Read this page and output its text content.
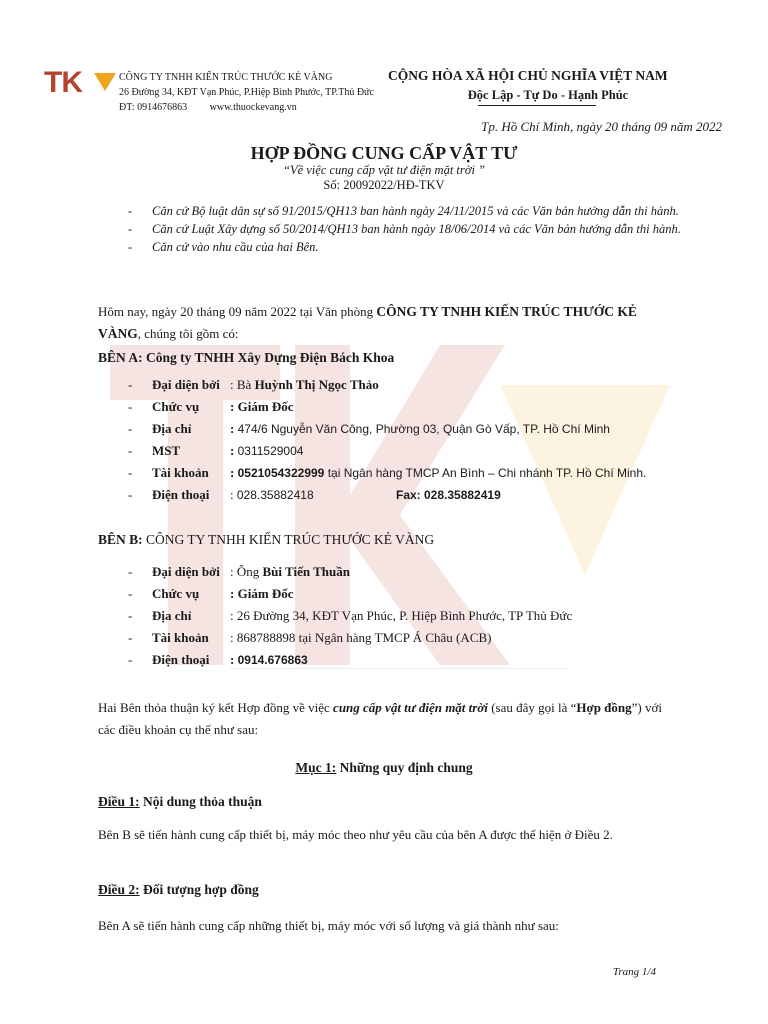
TK	CÔNG TY TNHH KIẾN TRÚC THƯỚC KẺ VÀNG
26 Đường 34, KĐT Vạn Phúc, P.Hiệp Bình Phước, TP.Thủ Đức
ĐT: 0914676863 www.thuockevang.vn
CỘNG HÒA XÃ HỘI CHỦ NGHĨA VIỆT NAM
Độc Lập - Tự Do - Hạnh Phúc
Tp. Hồ Chí Minh, ngày 20 tháng 09 năm 2022
HỢP ĐỒNG CUNG CẤP VẬT TƯ
“Về việc cung cấp vật tư điện mặt trời ”
Số: 20092022/HĐ-TKV
- Căn cứ Bộ luật dân sự số 91/2015/QH13 ban hành ngày 24/11/2015 và các Văn bản hướng dẫn thi hành.
- Căn cứ Luật Xây dựng số 50/2014/QH13 ban hành ngày 18/06/2014 và các Văn bản hướng dẫn thi hành.
- Căn cứ vào nhu cầu của hai Bên.
Hôm nay, ngày 20 tháng 09 năm 2022 tại Văn phòng CÔNG TY TNHH KIẾN TRÚC THƯỚC KẺ VÀNG, chúng tôi gồm có:
BÊN A: Công ty TNHH Xây Dựng Điện Bách Khoa
- Đại diện bởi : Bà Huỳnh Thị Ngọc Thảo
- Chức vụ : Giám Đốc
- Địa chỉ	: 474/6 Nguyễn Văn Công, Phường 03, Quận Gò Vấp, TP. Hồ Chí Minh
- MST	: 0311529004
- Tài khoản : 0521054322999 tại Ngân hàng TMCP An Bình – Chi nhánh TP. Hồ Chí Minh.
- Điện thoại : 028.35882418	Fax: 028.35882419
BÊN B: CÔNG TY TNHH KIẾN TRÚC THƯỚC KẺ VÀNG
- Đại diện bởi : Ông Bùi Tiến Thuần
- Chức vụ : Giám Đốc
- Địa chỉ	: 26 Đường 34, KĐT Vạn Phúc, P. Hiệp Bình Phước, TP Thủ Đức
- Tài khoản : 868788898 tại Ngân hàng TMCP Á Châu (ACB)
- Điện thoại : 0914.676863
Hai Bên thỏa thuận ký kết Hợp đồng về việc cung cấp vật tư điện mặt trời (sau đây gọi là “Hợp đồng”) với các điều khoản cụ thể như sau:
Mục 1: Những quy định chung
Điều 1: Nội dung thỏa thuận
Bên B sẽ tiến hành cung cấp thiết bị, máy móc theo như yêu cầu của bên A được thể hiện ở Điều 2.
Điều 2: Đối tượng hợp đồng
Bên A sẽ tiến hành cung cấp những thiết bị, máy móc với số lượng và giá thành như sau:
Trang 1/4
